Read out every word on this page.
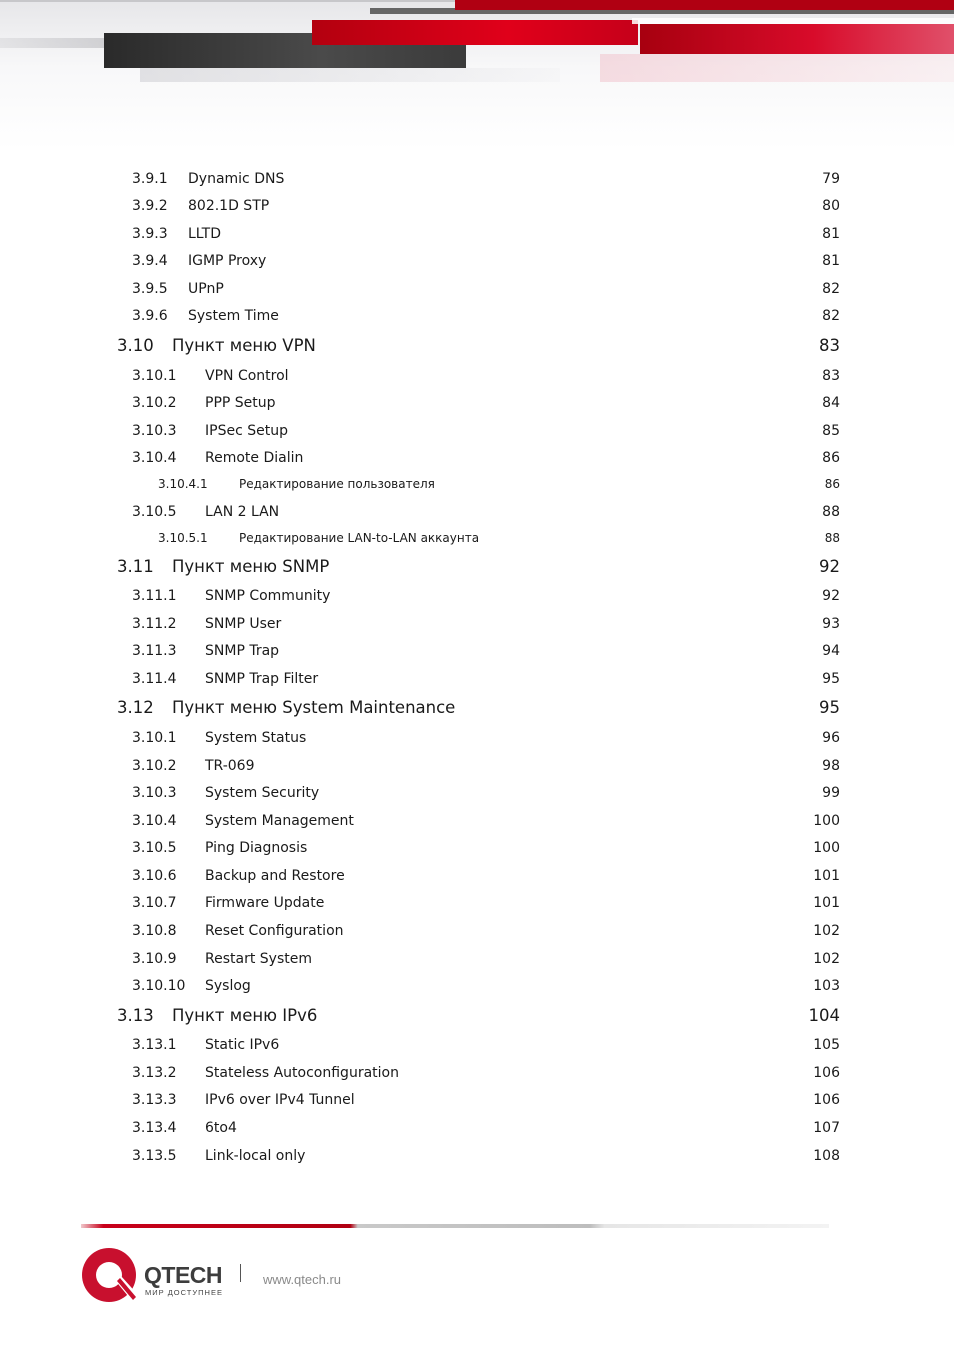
3.9.1 Dynamic DNS	79
3.9.2 802.1D STP	80
3.9.3 LLTD	81
3.9.4 IGMP Proxy	81
3.9.5 UPnP	82
3.9.6 System Time	82
3.10 Пункт меню VPN	83
3.10.1 VPN Control	83
3.10.2 PPP Setup	84
3.10.3 IPSec Setup	85
3.10.4 Remote Dialin	86
3.10.4.1	Редактирование пользователя	86
3.10.5 LAN 2 LAN	88
3.10.5.1	Редактирование LAN-to-LAN аккаунта	88
3.11 Пункт меню SNMP	92
3.11.1 SNMP Community	92
3.11.2 SNMP User	93
3.11.3 SNMP Trap	94
3.11.4 SNMP Trap Filter	95
3.12 Пункт меню System Maintenance	95
3.10.1 System Status	96
3.10.2 TR-069	98
3.10.3 System Security	99
3.10.4 System Management	100
3.10.5 Ping Diagnosis	100
3.10.6 Backup and Restore	101
3.10.7 Firmware Update	101
3.10.8 Reset Configuration	102
3.10.9 Restart System	102
3.10.10 Syslog	103
3.13 Пункт меню IPv6	104
3.13.1 Static IPv6	105
3.13.2 Stateless Autoconfiguration	106
3.13.3 IPv6 over IPv4 Tunnel	106
3.13.4 6to4	107
3.13.5 Link-local only	108
QTECH
МИР ДОСТУПНЕЕ
www.qtech.ru
